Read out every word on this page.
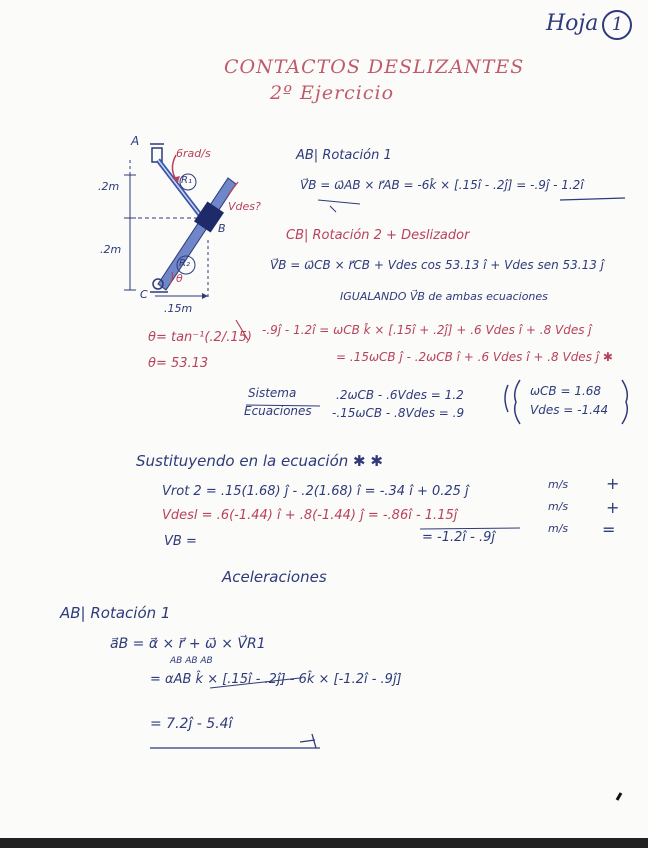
Hoja 1
CONTACTOS DESLIZANTES
2º Ejercicio
A
B
C
.2m
.2m
.15m
6rad/s
Vdes?
θ
R₁
R₂
θ= tan⁻¹(.2/.15)
θ= 53.13
AB| Rotación 1
V⃗B = ω⃗AB × r⃗AB = -6k̂ × [.15î - .2ĵ] = -.9ĵ - 1.2î
CB| Rotación 2 + Deslizador
V⃗B = ω⃗CB × r⃗CB + Vdes cos 53.13 î + Vdes sen 53.13 ĵ
IGUALANDO V⃗B de ambas ecuaciones
-.9ĵ - 1.2î = ωCB k̂ × [.15î + .2ĵ] + .6 Vdes î + .8 Vdes ĵ
= .15ωCB ĵ - .2ωCB î + .6 Vdes î + .8 Vdes ĵ ✱
Sistema
Ecuaciones
.2ωCB - .6Vdes = 1.2
-.15ωCB - .8Vdes = .9
ωCB = 1.68
Vdes = -1.44
Sustituyendo en la ecuación ✱ ✱
Vrot 2 = .15(1.68) ĵ - .2(1.68) î = -.34 î + 0.25 ĵ
Vdesl = .6(-1.44) î + .8(-1.44) ĵ = -.86î - 1.15ĵ
VB =	= -1.2î - .9ĵ
m/s
m/s
m/s
+
+
=
Aceleraciones
AB| Rotación 1
a⃗B = α⃗ × r⃗ + ω⃗ × V⃗R1
AB AB AB
= αAB k̂ × [.15î - .2ĵ] - 6k̂ × [-1.2î - .9ĵ]
= 7.2ĵ - 5.4î
